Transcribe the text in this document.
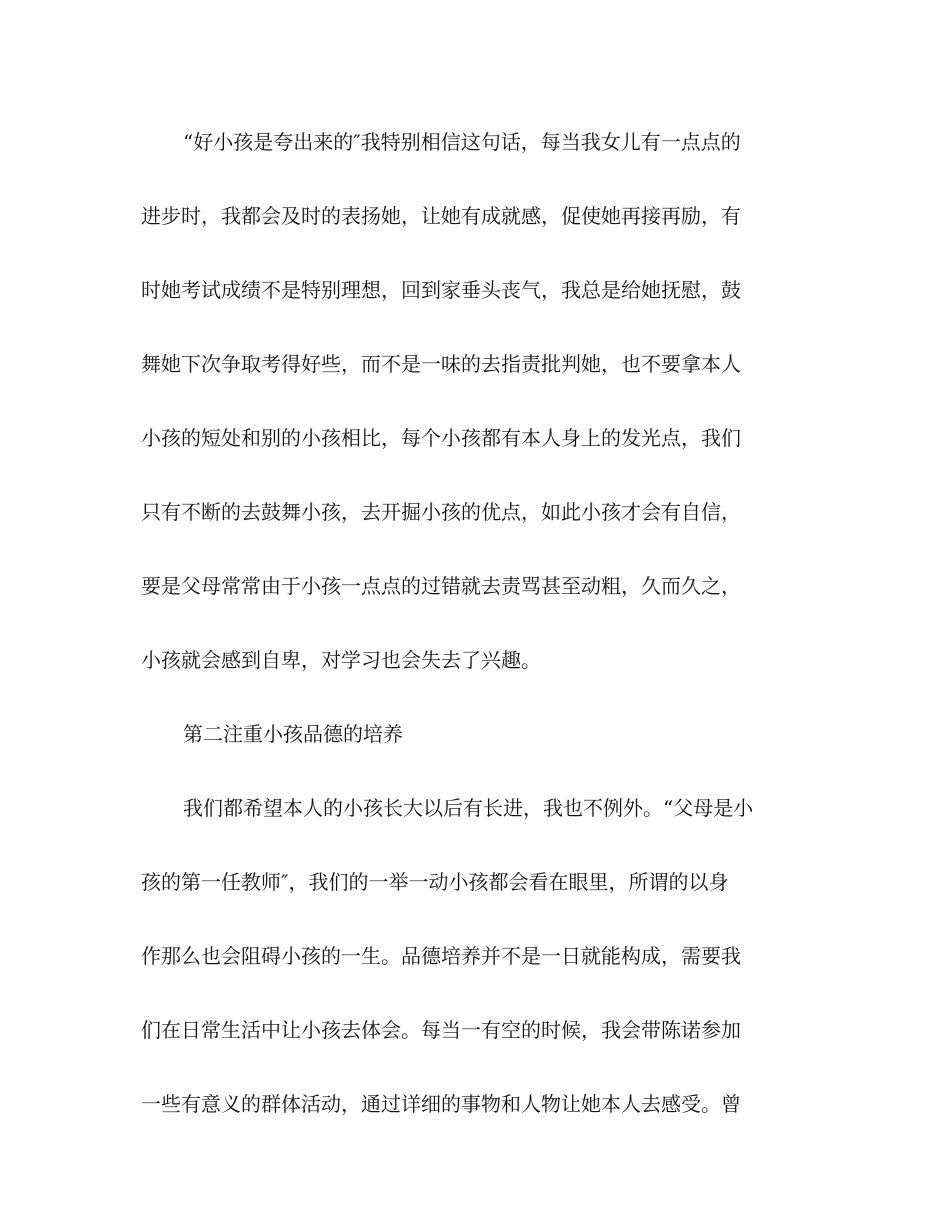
“好小孩是夸出来的″我特别相信这句话，每当我女儿有一点点的
进步时，我都会及时的表扬她，让她有成就感，促使她再接再励，有
时她考试成绩不是特别理想，回到家垂头丧气，我总是给她抚慰，鼓
舞她下次争取考得好些，而不是一味的去指责批判她，也不要拿本人
小孩的短处和别的小孩相比，每个小孩都有本人身上的发光点，我们
只有不断的去鼓舞小孩，去开掘小孩的优点，如此小孩才会有自信，
要是父母常常由于小孩一点点的过错就去责骂甚至动粗，久而久之，
小孩就会感到自卑，对学习也会失去了兴趣。
第二注重小孩品德的培养
我们都希望本人的小孩长大以后有长进，我也不例外。“父母是小
孩的第一任教师″，我们的一举一动小孩都会看在眼里，所谓的以身
作那么也会阻碍小孩的一生。品德培养并不是一日就能构成，需要我
们在日常生活中让小孩去体会。每当一有空的时候，我会带陈诺参加
一些有意义的群体活动，通过详细的事物和人物让她本人去感受。曾
